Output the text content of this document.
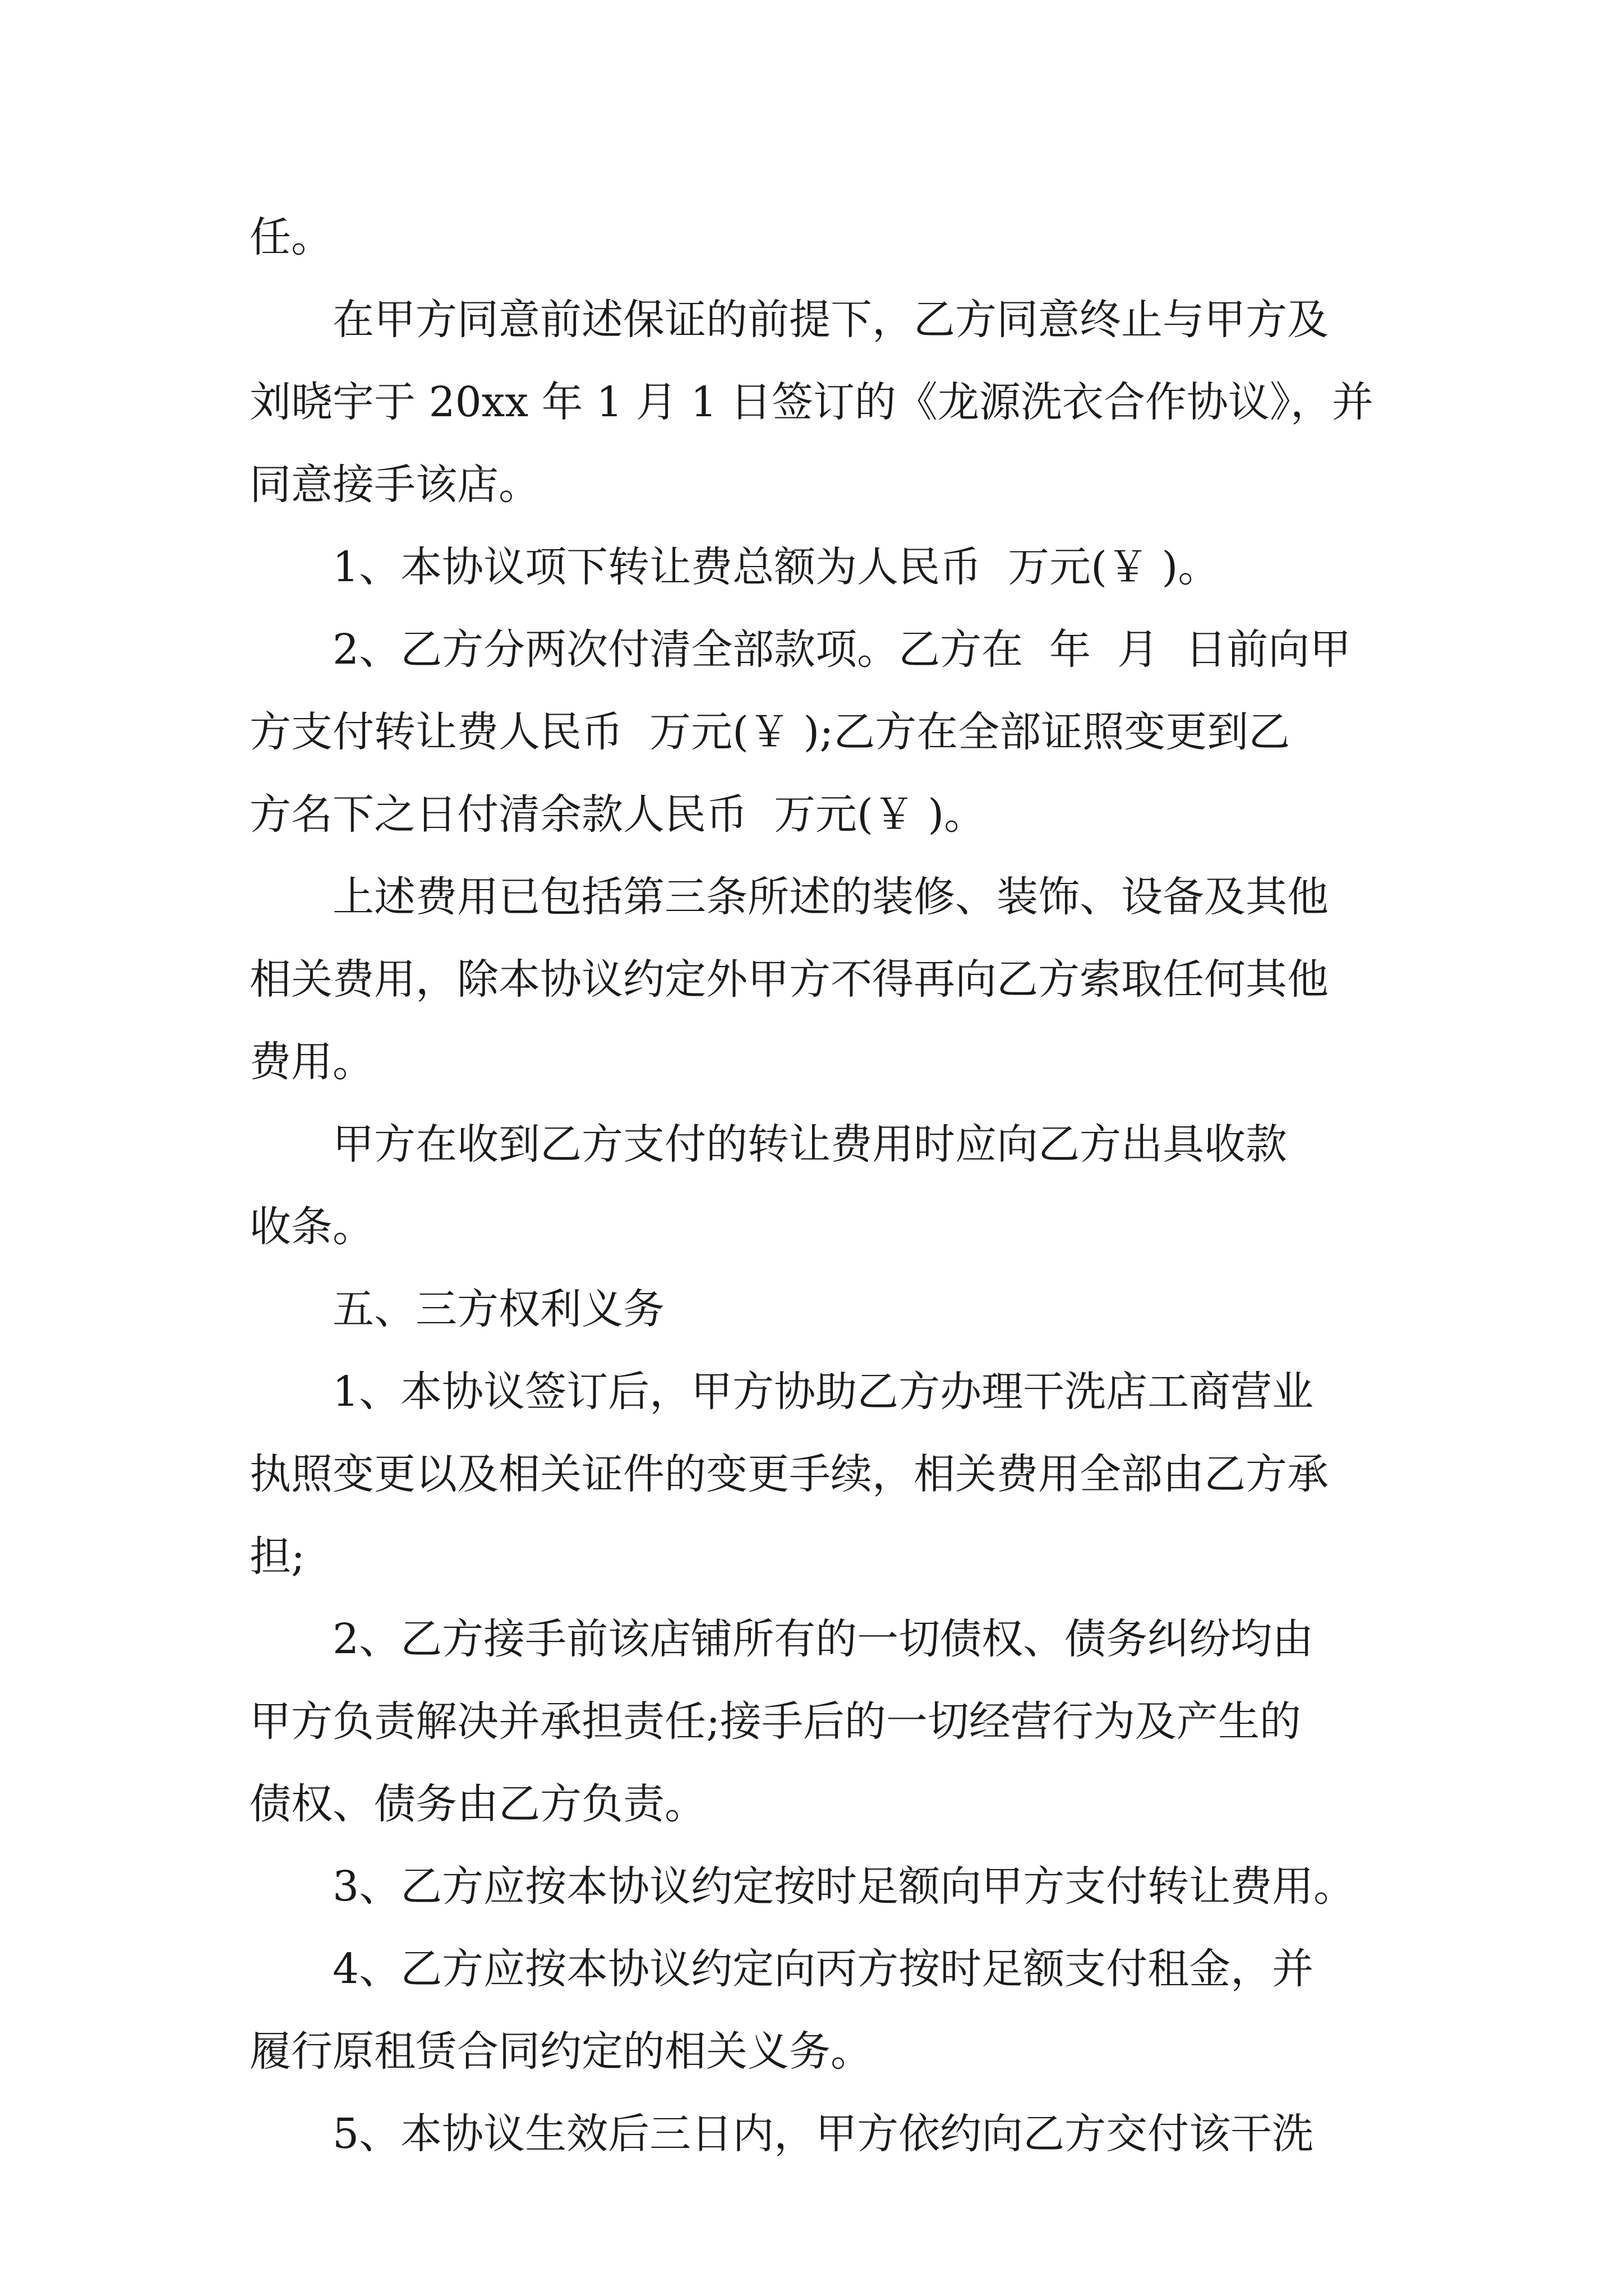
任。
在甲方同意前述保证的前提下，乙方同意终止与甲方及
刘晓宇于 20xx 年 1 月 1 日签订的《龙源洗衣合作协议》，并
同意接手该店。
1、本协议项下转让费总额为人民币  万元(￥ )。
2、乙方分两次付清全部款项。乙方在  年  月  日前向甲
方支付转让费人民币  万元(￥ );乙方在全部证照变更到乙
方名下之日付清余款人民币  万元(￥ )。
上述费用已包括第三条所述的装修、装饰、设备及其他
相关费用，除本协议约定外甲方不得再向乙方索取任何其他
费用。
甲方在收到乙方支付的转让费用时应向乙方出具收款
收条。
五、三方权利义务
1、本协议签订后，甲方协助乙方办理干洗店工商营业
执照变更以及相关证件的变更手续，相关费用全部由乙方承
担;
2、乙方接手前该店铺所有的一切债权、债务纠纷均由
甲方负责解决并承担责任;接手后的一切经营行为及产生的
债权、债务由乙方负责。
3、乙方应按本协议约定按时足额向甲方支付转让费用。
4、乙方应按本协议约定向丙方按时足额支付租金，并
履行原租赁合同约定的相关义务。
5、本协议生效后三日内，甲方依约向乙方交付该干洗
